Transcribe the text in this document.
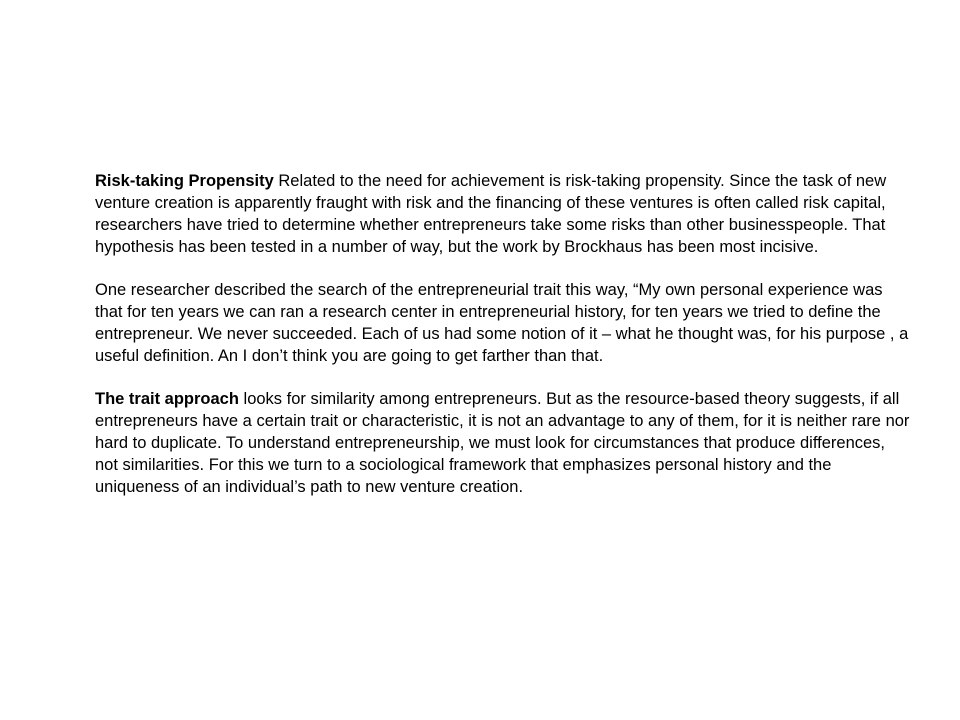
Risk-taking Propensity Related to the need for achievement is risk-taking propensity. Since the task of new venture creation is apparently fraught with risk and the financing of these ventures is often called risk capital, researchers have tried to determine whether entrepreneurs take some risks than other businesspeople. That hypothesis has been tested in a number of way, but the work by Brockhaus has been most incisive.

One researcher described the search of the entrepreneurial trait this way, “My own personal experience was that for ten years we can ran a research center in entrepreneurial history, for ten years we tried to define the entrepreneur. We never succeeded. Each of us had some notion of it – what he thought was, for his purpose , a useful definition. An I don’t think you are going to get farther than that.

The trait approach looks for similarity among entrepreneurs. But as the resource-based theory suggests, if all entrepreneurs have a certain trait or characteristic, it is not an advantage to any of them, for it is neither rare nor hard to duplicate. To understand entrepreneurship, we must look for circumstances that produce differences, not similarities. For this we turn to a sociological framework that emphasizes personal history and the uniqueness of an individual’s path to new venture creation.
